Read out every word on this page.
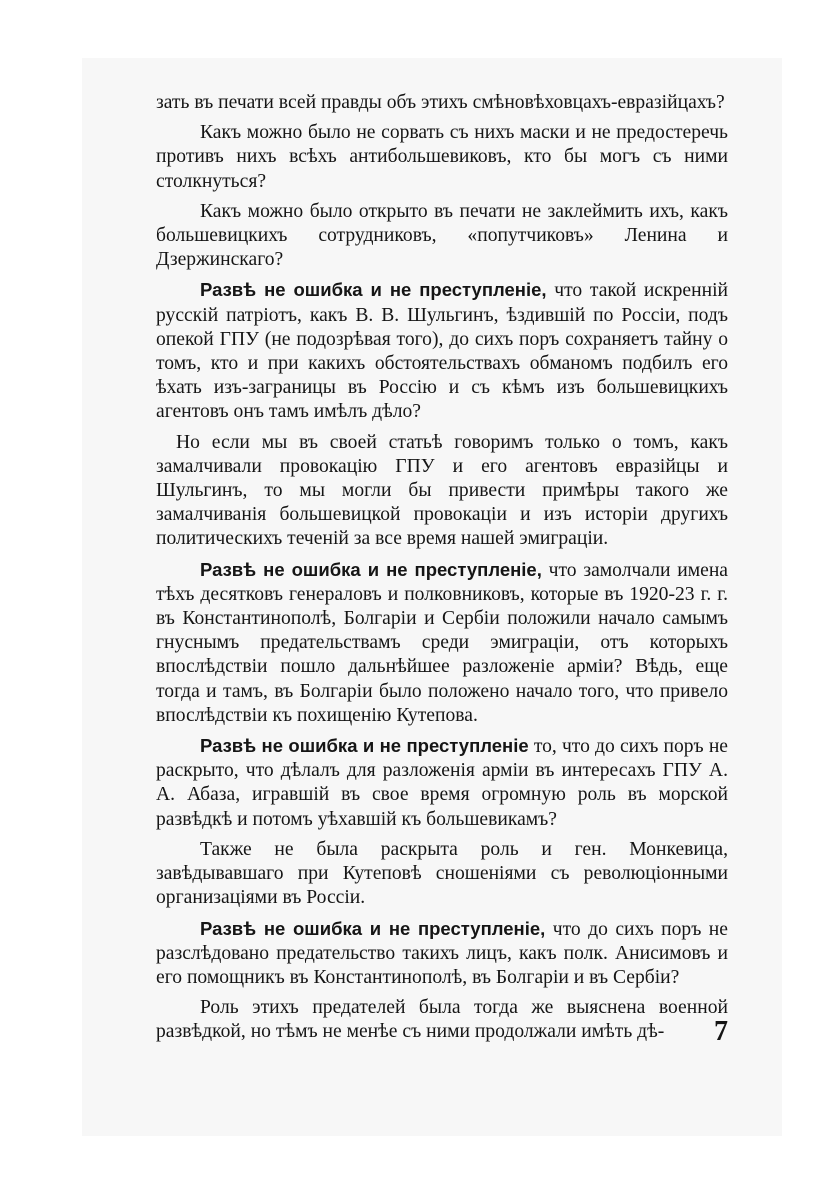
зать въ печати всей правды объ этихъ смѣновѣховцахъ-евразійцахъ?

Какъ можно было не сорвать съ нихъ маски и не предостеречь противъ нихъ всѣхъ антибольшевиковъ, кто бы могъ съ ними столкнуться?

Какъ можно было открыто въ печати не заклеймить ихъ, какъ большевицкихъ сотрудниковъ, «попутчиковъ» Ленина и Дзержинскаго?

Развѣ не ошибка и не преступленіе, что такой искренній русскій патріотъ, какъ В. В. Шульгинъ, ѣздившій по Россіи, подъ опекой ГПУ (не подозрѣвая того), до сихъ поръ сохраняетъ тайну о томъ, кто и при какихъ обстоятельствахъ обманомъ подбилъ его ѣхать изъ-заграницы въ Россію и съ кѣмъ изъ большевицкихъ агентовъ онъ тамъ имѣлъ дѣло?

Но если мы въ своей статьѣ говоримъ только о томъ, какъ замалчивали провокацію ГПУ и его агентовъ евразійцы и Шульгинъ, то мы могли бы привести примѣры такого же замалчиванія большевицкой провокаціи и изъ исторіи другихъ политическихъ теченій за все время нашей эмиграціи.

Развѣ не ошибка и не преступленіе, что замолчали имена тѣхъ десятковъ генераловъ и полковниковъ, которые въ 1920-23 г. г. въ Константинополѣ, Болгаріи и Сербіи положили начало самымъ гнуснымъ предательствамъ среди эмиграціи, отъ которыхъ впослѣдствіи пошло дальнѣйшее разложеніе арміи? Вѣдь, еще тогда и тамъ, въ Болгаріи было положено начало того, что привело впослѣдствіи къ похищенію Кутепова.

Развѣ не ошибка и не преступленіе то, что до сихъ поръ не раскрыто, что дѣлалъ для разложенія арміи въ интересахъ ГПУ А. А. Абаза, игравшій въ свое время огромную роль въ морской развѣдкѣ и потомъ уѣхавшій къ большевикамъ?

Также не была раскрыта роль и ген. Монкевица, завѣдывавшаго при Кутеповѣ сношеніями съ революціонными организаціями въ Россіи.

Развѣ не ошибка и не преступленіе, что до сихъ поръ не разслѣдовано предательство такихъ лицъ, какъ полк. Анисимовъ и его помощникъ въ Константинополѣ, въ Болгаріи и въ Сербіи?

Роль этихъ предателей была тогда же выяснена военной развѣдкой, но тѣмъ не менѣе съ ними продолжали имѣть дѣ-	7
